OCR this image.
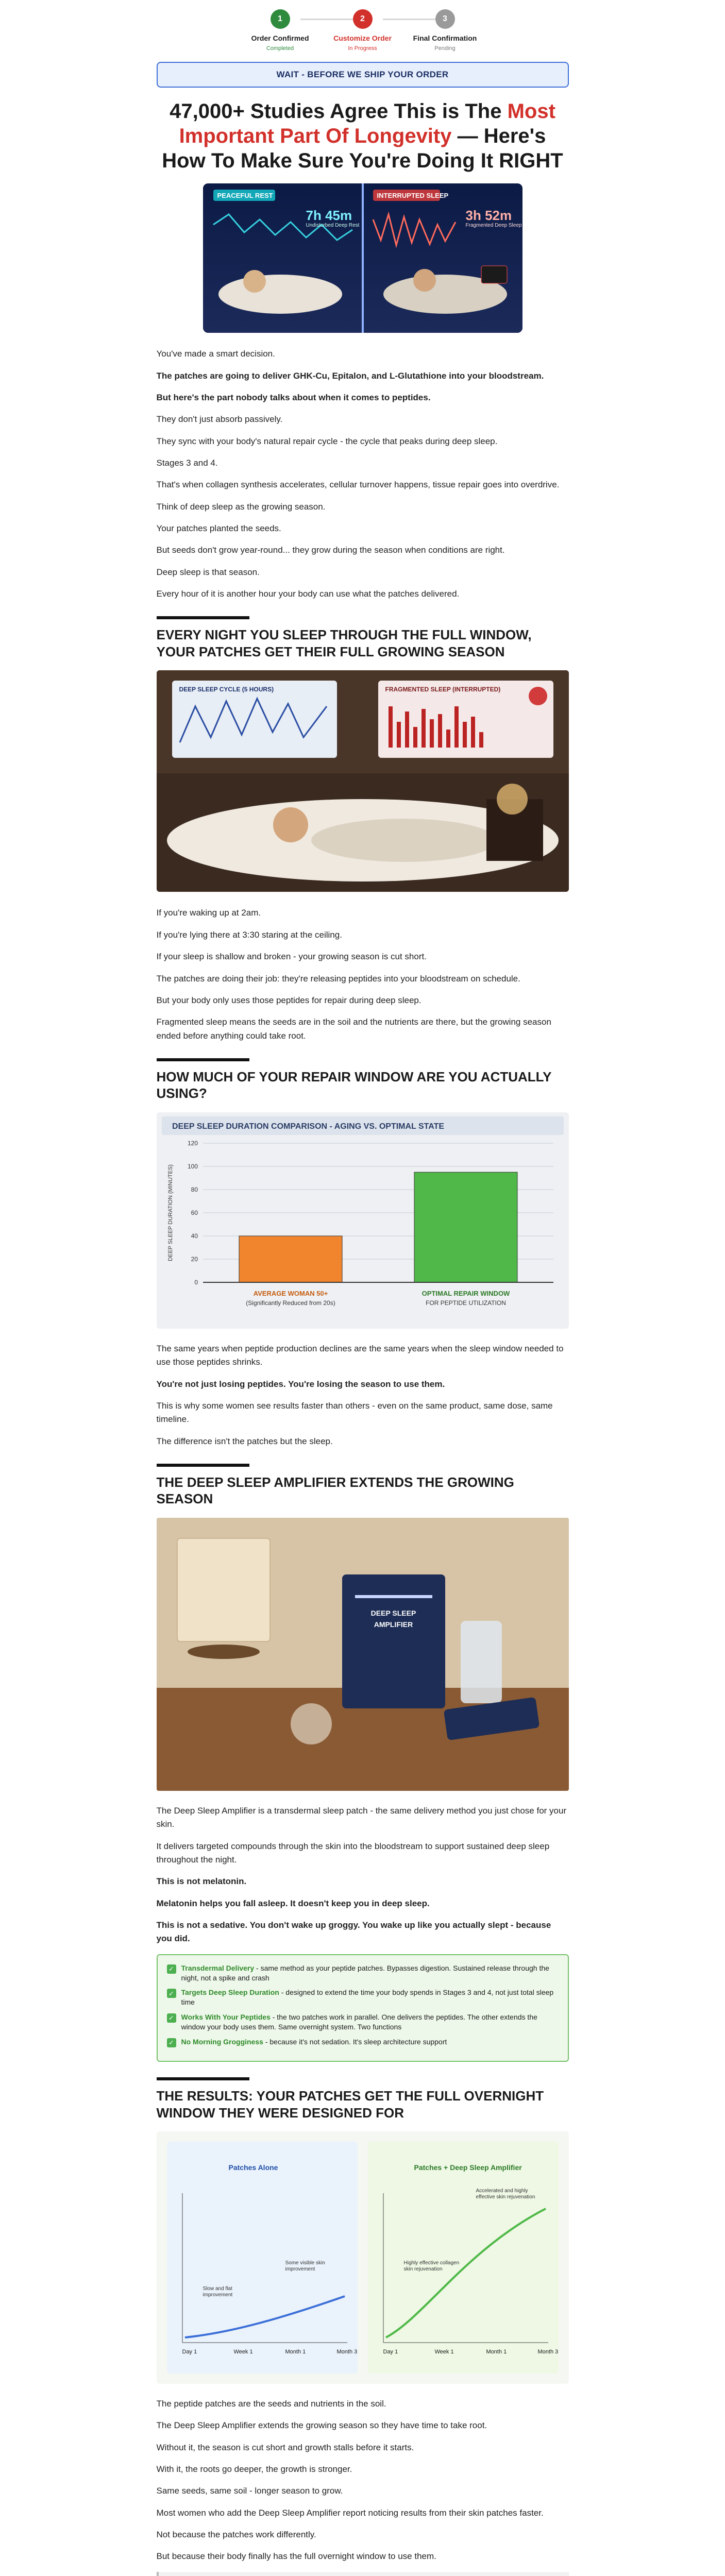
1
Order Confirmed
Completed
2
Customize Order
In Progress
3
Final Confirmation
Pending
WAIT - BEFORE WE SHIP YOUR ORDER
47,000+ Studies Agree This is The Most Important Part Of Longevity — Here's How To Make Sure You're Doing It RIGHT
PEACEFUL REST	INTERRUPTED SLEEP
7h 45m
Undisturbed Deep Rest
3h 52m
Fragmented Deep Sleep

You've made a smart decision.

The patches are going to deliver GHK-Cu, Epitalon, and L-Glutathione into your bloodstream.

But here's the part nobody talks about when it comes to peptides.

They don't just absorb passively.

They sync with your body's natural repair cycle - the cycle that peaks during deep sleep.

Stages 3 and 4.

That's when collagen synthesis accelerates, cellular turnover happens, tissue repair goes into overdrive.

Think of deep sleep as the growing season.

Your patches planted the seeds.

But seeds don't grow year-round... they grow during the season when conditions are right.

Deep sleep is that season.

Every hour of it is another hour your body can use what the patches delivered.

EVERY NIGHT YOU SLEEP THROUGH THE FULL WINDOW, YOUR PATCHES GET THEIR FULL GROWING SEASON
DEEP SLEEP CYCLE (5 HOURS)	FRAGMENTED SLEEP (INTERRUPTED)

If you're waking up at 2am.

If you're lying there at 3:30 staring at the ceiling.

If your sleep is shallow and broken - your growing season is cut short.

The patches are doing their job: they're releasing peptides into your bloodstream on schedule.

But your body only uses those peptides for repair during deep sleep.

Fragmented sleep means the seeds are in the soil and the nutrients are there, but the growing season ended before anything could take root.

HOW MUCH OF YOUR REPAIR WINDOW ARE YOU ACTUALLY USING?
DEEP SLEEP DURATION COMPARISON - AGING VS. OPTIMAL STATE
0
20
40
60
80
100
120
DEEP SLEEP DURATION (MINUTES)
AVERAGE WOMAN 50+
(Significantly Reduced from 20s)
OPTIMAL REPAIR WINDOW
FOR PEPTIDE UTILIZATION

The same years when peptide production declines are the same years when the sleep window needed to use those peptides shrinks.

You're not just losing peptides. You're losing the season to use them.

This is why some women see results faster than others - even on the same product, same dose, same timeline.

The difference isn't the patches but the sleep.

THE DEEP SLEEP AMPLIFIER EXTENDS THE GROWING SEASON
DEEP SLEEP AMPLIFIER

The Deep Sleep Amplifier is a transdermal sleep patch - the same delivery method you just chose for your skin.

It delivers targeted compounds through the skin into the bloodstream to support sustained deep sleep throughout the night.

This is not melatonin.

Melatonin helps you fall asleep. It doesn't keep you in deep sleep.

This is not a sedative. You don't wake up groggy. You wake up like you actually slept - because you did.

✓ Transdermal Delivery - same method as your peptide patches. Bypasses digestion. Sustained release through the night, not a spike and crash
✓ Targets Deep Sleep Duration - designed to extend the time your body spends in Stages 3 and 4, not just total sleep time
✓ Works With Your Peptides - the two patches work in parallel. One delivers the peptides. The other extends the window your body uses them. Same overnight system. Two functions
✓ No Morning Grogginess - because it's not sedation. It's sleep architecture support
THE RESULTS: YOUR PATCHES GET THE FULL OVERNIGHT WINDOW THEY WERE DESIGNED FOR
Patches Alone	Patches + Deep Sleep Amplifier
Slow and flat improvement
Some visible skin improvement
Accelerated and highly effective skin rejuvenation
Highly effective collagen skin rejuvenation
Day 1	Day 1
Week 1	Week 1
Month 1	Month 1
Month 3	Month 3

The peptide patches are the seeds and nutrients in the soil.

The Deep Sleep Amplifier extends the growing season so they have time to take root.

Without it, the season is cut short and growth stalls before it starts.

With it, the roots go deeper, the growth is stronger.

Same seeds, same soil - longer season to grow.

Most women who add the Deep Sleep Amplifier report noticing results from their skin patches faster.

Not because the patches work differently.

But because their body finally has the full overnight window to use them.
